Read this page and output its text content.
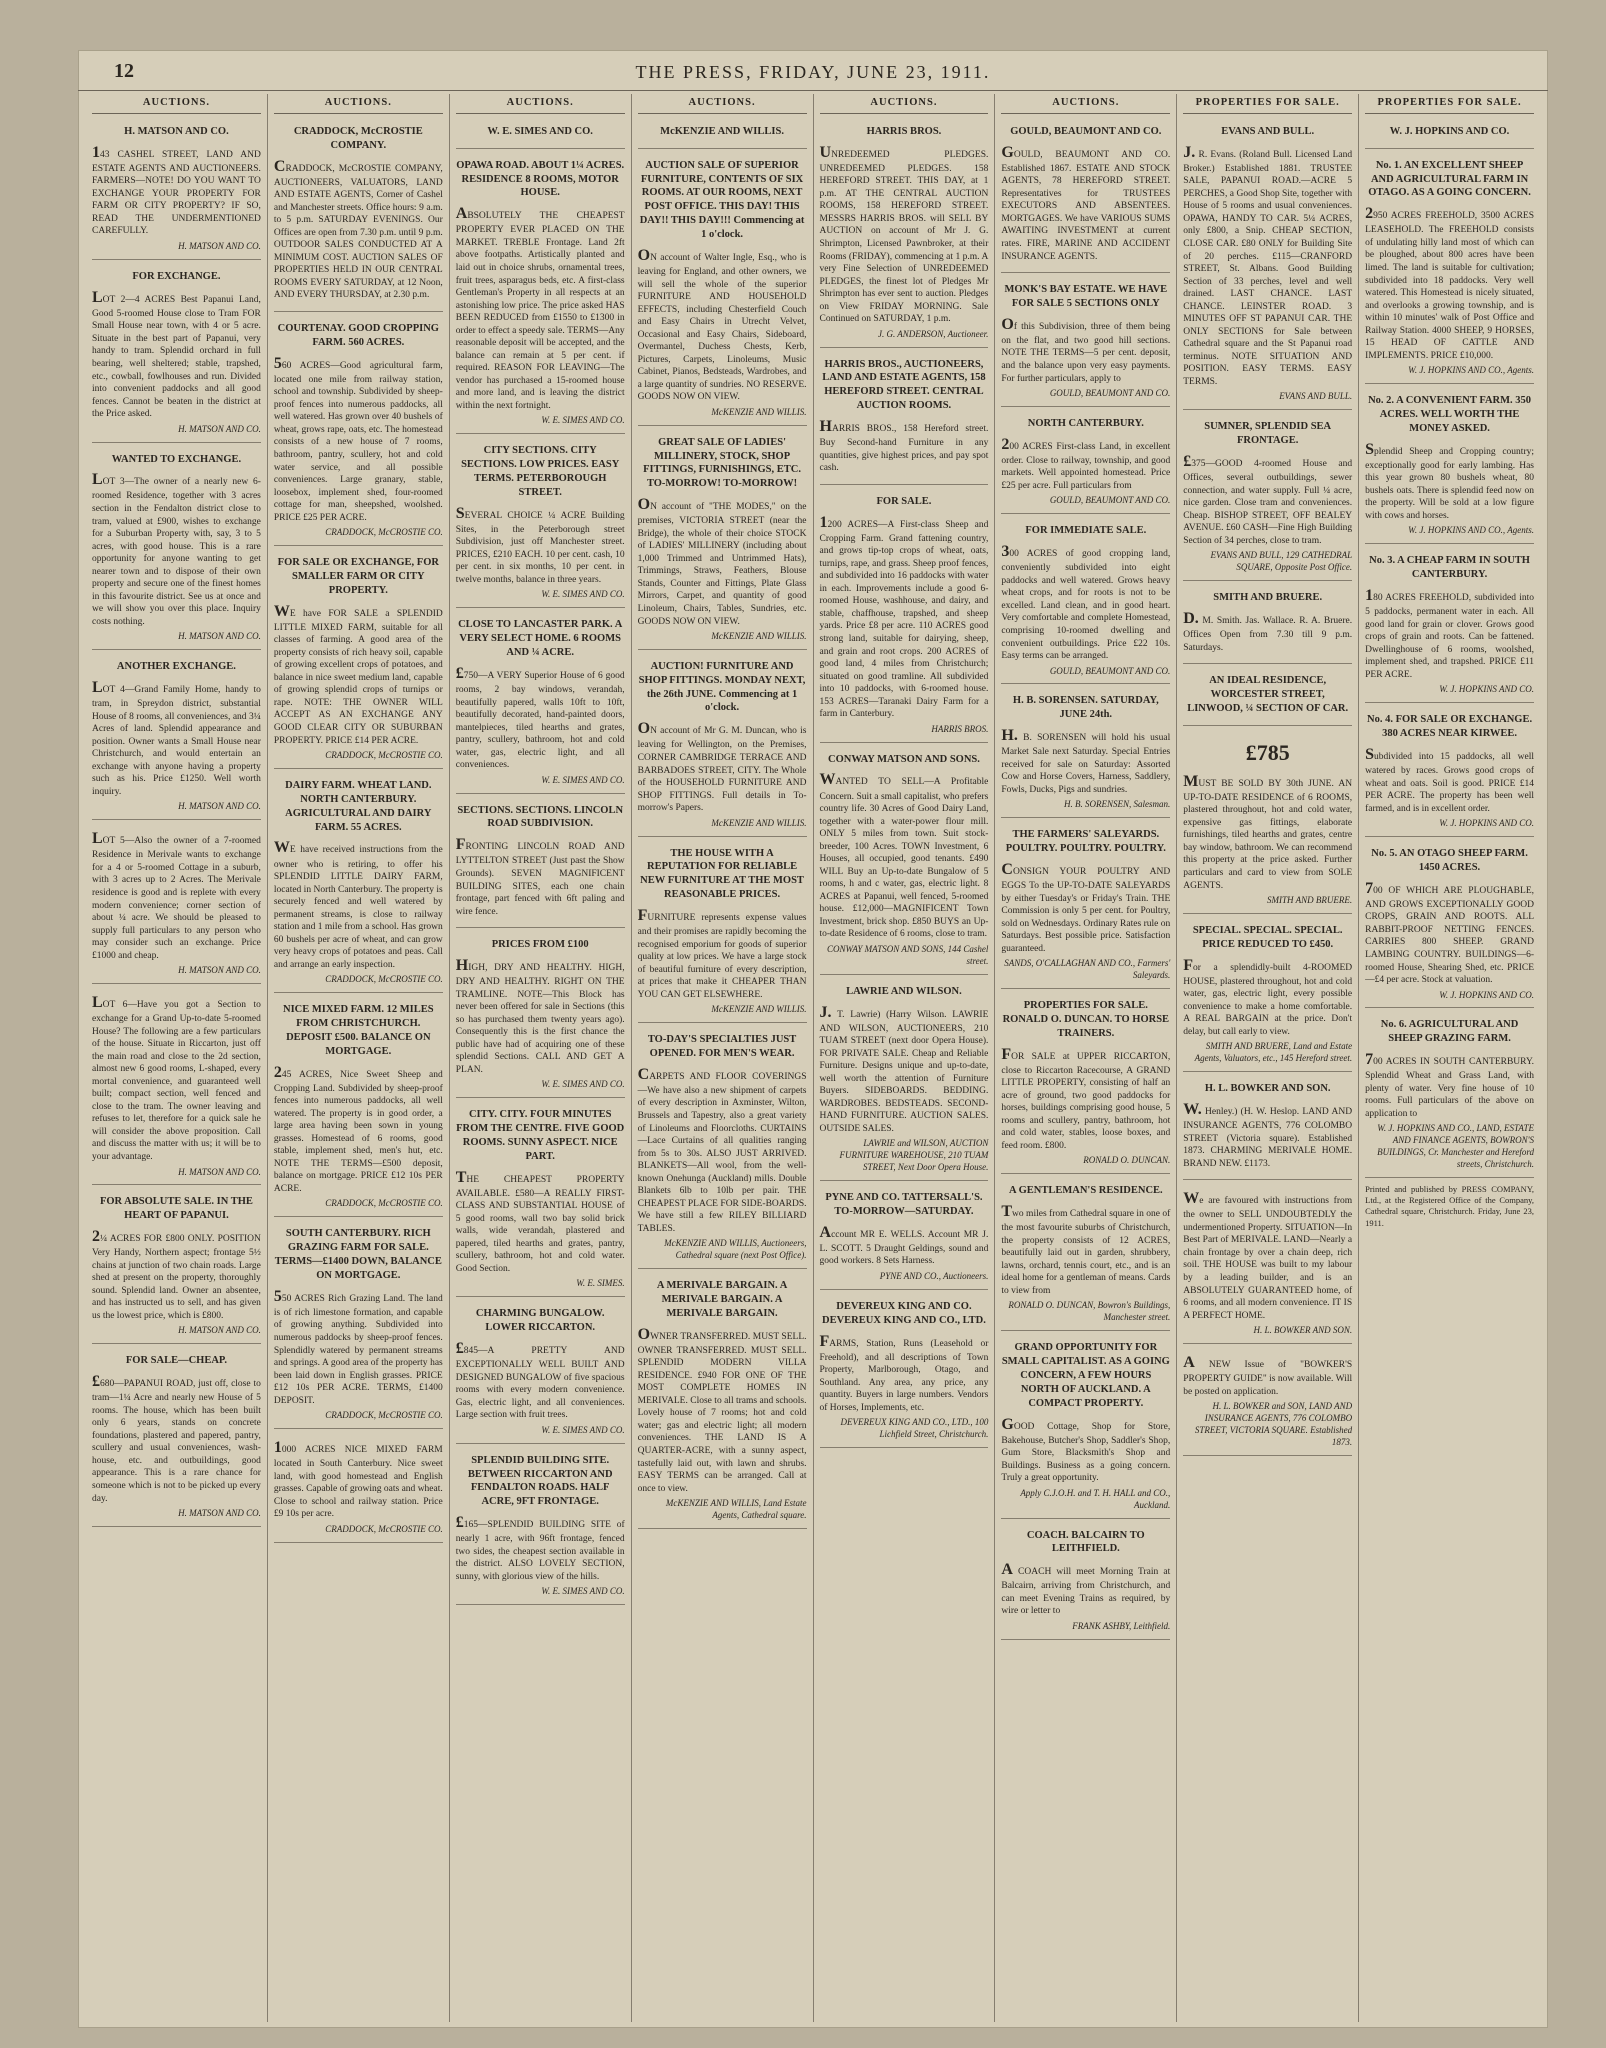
12	THE PRESS, FRIDAY, JUNE 23, 1911.
AUCTIONS.
H. MATSON AND CO.

143 CASHEL STREET, LAND AND ESTATE AGENTS AND AUCTIONEERS. FARMERS—NOTE! DO YOU WANT TO EXCHANGE YOUR PROPERTY FOR FARM OR CITY PROPERTY? IF SO, READ THE UNDERMENTIONED CAREFULLY.

H. MATSON AND CO.
FOR EXCHANGE.

LOT 2—4 ACRES Best Papanui Land, Good 5-roomed House close to Tram FOR Small House near town, with 4 or 5 acre. Situate in the best part of Papanui, very handy to tram. Splendid orchard in full bearing, well sheltered; stable, trapshed, etc., cowball, fowlhouses and run. Divided into convenient paddocks and all good fences. Cannot be beaten in the district at the Price asked.

H. MATSON AND CO.
WANTED TO EXCHANGE.

LOT 3—The owner of a nearly new 6-roomed Residence, together with 3 acres section in the Fendalton district close to tram, valued at £900, wishes to exchange for a Suburban Property with, say, 3 to 5 acres, with good house. This is a rare opportunity for anyone wanting to get nearer town and to dispose of their own property and secure one of the finest homes in this favourite district. See us at once and we will show you over this place. Inquiry costs nothing.

H. MATSON AND CO.
ANOTHER EXCHANGE.

LOT 4—Grand Family Home, handy to tram, in Spreydon district, substantial House of 8 rooms, all conveniences, and 3¼ Acres of land. Splendid appearance and position. Owner wants a Small House near Christchurch, and would entertain an exchange with anyone having a property such as his. Price £1250. Well worth inquiry.

H. MATSON AND CO.

LOT 5—Also the owner of a 7-roomed Residence in Merivale wants to exchange for a 4 or 5-roomed Cottage in a suburb, with 3 acres up to 2 Acres. The Merivale residence is good and is replete with every modern convenience; corner section of about ¼ acre. We should be pleased to supply full particulars to any person who may consider such an exchange. Price £1000 and cheap.

H. MATSON AND CO.

LOT 6—Have you got a Section to exchange for a Grand Up-to-date 5-roomed House? The following are a few particulars of the house. Situate in Riccarton, just off the main road and close to the 2d section, almost new 6 good rooms, L-shaped, every mortal convenience, and guaranteed well built; compact section, well fenced and close to the tram. The owner leaving and refuses to let, therefore for a quick sale he will consider the above proposition. Call and discuss the matter with us; it will be to your advantage.

H. MATSON AND CO.
FOR ABSOLUTE SALE. IN THE HEART OF PAPANUI.

2¼ ACRES FOR £800 ONLY. POSITION Very Handy, Northern aspect; frontage 5½ chains at junction of two chain roads. Large shed at present on the property, thoroughly sound. Splendid land. Owner an absentee, and has instructed us to sell, and has given us the lowest price, which is £800.

H. MATSON AND CO.
FOR SALE—CHEAP.

£680—PAPANUI ROAD, just off, close to tram—1¼ Acre and nearly new House of 5 rooms. The house, which has been built only 6 years, stands on concrete foundations, plastered and papered, pantry, scullery and usual conveniences, wash-house, etc. and outbuildings, good appearance. This is a rare chance for someone which is not to be picked up every day.

H. MATSON AND CO.
AUCTIONS.
CRADDOCK, McCROSTIE COMPANY.

CRADDOCK, McCROSTIE COMPANY, AUCTIONEERS, VALUATORS, LAND AND ESTATE AGENTS, Corner of Cashel and Manchester streets. Office hours: 9 a.m. to 5 p.m. SATURDAY EVENINGS. Our Offices are open from 7.30 p.m. until 9 p.m. OUTDOOR SALES CONDUCTED AT A MINIMUM COST. AUCTION SALES OF PROPERTIES HELD IN OUR CENTRAL ROOMS EVERY SATURDAY, at 12 Noon, AND EVERY THURSDAY, at 2.30 p.m.

COURTENAY. GOOD CROPPING FARM. 560 ACRES.

560 ACRES—Good agricultural farm, located one mile from railway station, school and township. Subdivided by sheep-proof fences into numerous paddocks, all well watered. Has grown over 40 bushels of wheat, grows rape, oats, etc. The homestead consists of a new house of 7 rooms, bathroom, pantry, scullery, hot and cold water service, and all possible conveniences. Large granary, stable, loosebox, implement shed, four-roomed cottage for man, sheepshed, woolshed. PRICE £25 PER ACRE.

CRADDOCK, McCROSTIE CO.
FOR SALE OR EXCHANGE, FOR SMALLER FARM OR CITY PROPERTY.

WE have FOR SALE a SPLENDID LITTLE MIXED FARM, suitable for all classes of farming. A good area of the property consists of rich heavy soil, capable of growing excellent crops of potatoes, and balance in nice sweet medium land, capable of growing splendid crops of turnips or rape. NOTE: THE OWNER WILL ACCEPT AS AN EXCHANGE ANY GOOD CLEAR CITY OR SUBURBAN PROPERTY. PRICE £14 PER ACRE.

CRADDOCK, McCROSTIE CO.
DAIRY FARM. WHEAT LAND. NORTH CANTERBURY. AGRICULTURAL AND DAIRY FARM. 55 ACRES.

WE have received instructions from the owner who is retiring, to offer his SPLENDID LITTLE DAIRY FARM, located in North Canterbury. The property is securely fenced and well watered by permanent streams, is close to railway station and 1 mile from a school. Has grown 60 bushels per acre of wheat, and can grow very heavy crops of potatoes and peas. Call and arrange an early inspection.

CRADDOCK, McCROSTIE CO.
NICE MIXED FARM. 12 MILES FROM CHRISTCHURCH. DEPOSIT £500. BALANCE ON MORTGAGE.

245 ACRES, Nice Sweet Sheep and Cropping Land. Subdivided by sheep-proof fences into numerous paddocks, all well watered. The property is in good order, a large area having been sown in young grasses. Homestead of 6 rooms, good stable, implement shed, men's hut, etc. NOTE THE TERMS—£500 deposit, balance on mortgage. PRICE £12 10s PER ACRE.

CRADDOCK, McCROSTIE CO.
SOUTH CANTERBURY. RICH GRAZING FARM FOR SALE. TERMS—£1400 DOWN, BALANCE ON MORTGAGE.

550 ACRES Rich Grazing Land. The land is of rich limestone formation, and capable of growing anything. Subdivided into numerous paddocks by sheep-proof fences. Splendidly watered by permanent streams and springs. A good area of the property has been laid down in English grasses. PRICE £12 10s PER ACRE. TERMS, £1400 DEPOSIT.

CRADDOCK, McCROSTIE CO.

1000 ACRES NICE MIXED FARM located in South Canterbury. Nice sweet land, with good homestead and English grasses. Capable of growing oats and wheat. Close to school and railway station. Price £9 10s per acre.

CRADDOCK, McCROSTIE CO.
AUCTIONS.
W. E. SIMES AND CO.
OPAWA ROAD. ABOUT 1¼ ACRES. RESIDENCE 8 ROOMS, MOTOR HOUSE.

ABSOLUTELY THE CHEAPEST PROPERTY EVER PLACED ON THE MARKET. TREBLE Frontage. Land 2ft above footpaths. Artistically planted and laid out in choice shrubs, ornamental trees, fruit trees, asparagus beds, etc. A first-class Gentleman's Property in all respects at an astonishing low price. The price asked HAS BEEN REDUCED from £1550 to £1300 in order to effect a speedy sale. TERMS—Any reasonable deposit will be accepted, and the balance can remain at 5 per cent. if required. REASON FOR LEAVING—The vendor has purchased a 15-roomed house and more land, and is leaving the district within the next fortnight.

W. E. SIMES AND CO.
CITY SECTIONS. CITY SECTIONS. LOW PRICES. EASY TERMS. PETERBOROUGH STREET.

SEVERAL CHOICE ¼ ACRE Building Sites, in the Peterborough street Subdivision, just off Manchester street. PRICES, £210 EACH. 10 per cent. cash, 10 per cent. in six months, 10 per cent. in twelve months, balance in three years.

W. E. SIMES AND CO.
CLOSE TO LANCASTER PARK. A VERY SELECT HOME. 6 ROOMS AND ¼ ACRE.

£750—A VERY Superior House of 6 good rooms, 2 bay windows, verandah, beautifully papered, walls 10ft to 10ft, beautifully decorated, hand-painted doors, mantelpieces, tiled hearths and grates, pantry, scullery, bathroom, hot and cold water, gas, electric light, and all conveniences.

W. E. SIMES AND CO.
SECTIONS. SECTIONS. LINCOLN ROAD SUBDIVISION.

FRONTING LINCOLN ROAD AND LYTTELTON STREET (Just past the Show Grounds). SEVEN MAGNIFICENT BUILDING SITES, each one chain frontage, part fenced with 6ft paling and wire fence.

PRICES FROM £100

HIGH, DRY AND HEALTHY. HIGH, DRY AND HEALTHY. RIGHT ON THE TRAMLINE. NOTE—This Block has never been offered for sale in Sections (this so has purchased them twenty years ago). Consequently this is the first chance the public have had of acquiring one of these splendid Sections. CALL AND GET A PLAN.

W. E. SIMES AND CO.
CITY. CITY. FOUR MINUTES FROM THE CENTRE. FIVE GOOD ROOMS. SUNNY ASPECT. NICE PART.

THE CHEAPEST PROPERTY AVAILABLE. £580—A REALLY FIRST-CLASS AND SUBSTANTIAL HOUSE of 5 good rooms, wall two bay solid brick walls, wide verandah, plastered and papered, tiled hearths and grates, pantry, scullery, bathroom, hot and cold water. Good Section.

W. E. SIMES.
CHARMING BUNGALOW. LOWER RICCARTON.

£845—A PRETTY AND EXCEPTIONALLY WELL BUILT AND DESIGNED BUNGALOW of five spacious rooms with every modern convenience. Gas, electric light, and all conveniences. Large section with fruit trees.

W. E. SIMES AND CO.
SPLENDID BUILDING SITE. BETWEEN RICCARTON AND FENDALTON ROADS. HALF ACRE, 9FT FRONTAGE.

£165—SPLENDID BUILDING SITE of nearly 1 acre, with 96ft frontage, fenced two sides, the cheapest section available in the district. ALSO LOVELY SECTION, sunny, with glorious view of the hills.

W. E. SIMES AND CO.
AUCTIONS.
McKENZIE AND WILLIS.
AUCTION SALE OF SUPERIOR FURNITURE, CONTENTS OF SIX ROOMS. AT OUR ROOMS, NEXT POST OFFICE. THIS DAY! THIS DAY!! THIS DAY!!! Commencing at 1 o'clock.

ON account of Walter Ingle, Esq., who is leaving for England, and other owners, we will sell the whole of the superior FURNITURE AND HOUSEHOLD EFFECTS, including Chesterfield Couch and Easy Chairs in Utrecht Velvet, Occasional and Easy Chairs, Sideboard, Overmantel, Duchess Chests, Kerb, Pictures, Carpets, Linoleums, Music Cabinet, Pianos, Bedsteads, Wardrobes, and a large quantity of sundries. NO RESERVE. GOODS NOW ON VIEW.

McKENZIE AND WILLIS.
GREAT SALE OF LADIES' MILLINERY, STOCK, SHOP FITTINGS, FURNISHINGS, ETC. TO-MORROW! TO-MORROW!

ON account of "THE MODES," on the premises, VICTORIA STREET (near the Bridge), the whole of their choice STOCK of LADIES' MILLINERY (including about 1,000 Trimmed and Untrimmed Hats), Trimmings, Straws, Feathers, Blouse Stands, Counter and Fittings, Plate Glass Mirrors, Carpet, and quantity of good Linoleum, Chairs, Tables, Sundries, etc. GOODS NOW ON VIEW.

McKENZIE AND WILLIS.
AUCTION! FURNITURE AND SHOP FITTINGS. MONDAY NEXT, the 26th JUNE. Commencing at 1 o'clock.

ON account of Mr G. M. Duncan, who is leaving for Wellington, on the Premises, CORNER CAMBRIDGE TERRACE AND BARBADOES STREET, CITY. The Whole of the HOUSEHOLD FURNITURE AND SHOP FITTINGS. Full details in To-morrow's Papers.

McKENZIE AND WILLIS.
THE HOUSE WITH A REPUTATION FOR RELIABLE NEW FURNITURE AT THE MOST REASONABLE PRICES.

FURNITURE represents expense values and their promises are rapidly becoming the recognised emporium for goods of superior quality at low prices. We have a large stock of beautiful furniture of every description, at prices that make it CHEAPER THAN YOU CAN GET ELSEWHERE.

McKENZIE AND WILLIS.
TO-DAY'S SPECIALTIES JUST OPENED. FOR MEN'S WEAR.

CARPETS AND FLOOR COVERINGS—We have also a new shipment of carpets of every description in Axminster, Wilton, Brussels and Tapestry, also a great variety of Linoleums and Floorcloths. CURTAINS—Lace Curtains of all qualities ranging from 5s to 30s. ALSO JUST ARRIVED. BLANKETS—All wool, from the well-known Onehunga (Auckland) mills. Double Blankets 6lb to 10lb per pair. THE CHEAPEST PLACE FOR SIDE-BOARDS. We have still a few RILEY BILLIARD TABLES.

McKENZIE AND WILLIS, Auctioneers, Cathedral square (next Post Office).
A MERIVALE BARGAIN. A MERIVALE BARGAIN. A MERIVALE BARGAIN.

OWNER TRANSFERRED. MUST SELL. OWNER TRANSFERRED. MUST SELL. SPLENDID MODERN VILLA RESIDENCE. £940 FOR ONE OF THE MOST COMPLETE HOMES IN MERIVALE. Close to all trams and schools. Lovely house of 7 rooms; hot and cold water; gas and electric light; all modern conveniences. THE LAND IS A QUARTER-ACRE, with a sunny aspect, tastefully laid out, with lawn and shrubs. EASY TERMS can be arranged. Call at once to view.

McKENZIE AND WILLIS, Land Estate Agents, Cathedral square.
AUCTIONS.
HARRIS BROS.

UNREDEEMED PLEDGES. UNREDEEMED PLEDGES. 158 HEREFORD STREET. THIS DAY, at 1 p.m. AT THE CENTRAL AUCTION ROOMS, 158 HEREFORD STREET. MESSRS HARRIS BROS. will SELL BY AUCTION on account of Mr J. G. Shrimpton, Licensed Pawnbroker, at their Rooms (FRIDAY), commencing at 1 p.m. A very Fine Selection of UNREDEEMED PLEDGES, the finest lot of Pledges Mr Shrimpton has ever sent to auction. Pledges on View FRIDAY MORNING. Sale Continued on SATURDAY, 1 p.m.

J. G. ANDERSON, Auctioneer.
HARRIS BROS., AUCTIONEERS, LAND AND ESTATE AGENTS, 158 HEREFORD STREET. CENTRAL AUCTION ROOMS.

HARRIS BROS., 158 Hereford street. Buy Second-hand Furniture in any quantities, give highest prices, and pay spot cash.

FOR SALE.

1200 ACRES—A First-class Sheep and Cropping Farm. Grand fattening country, and grows tip-top crops of wheat, oats, turnips, rape, and grass. Sheep proof fences, and subdivided into 16 paddocks with water in each. Improvements include a good 6-roomed House, washhouse, and dairy, and stable, chaffhouse, trapshed, and sheep yards. Price £8 per acre. 110 ACRES good strong land, suitable for dairying, sheep, and grain and root crops. 200 ACRES of good land, 4 miles from Christchurch; situated on good tramline. All subdivided into 10 paddocks, with 6-roomed house. 153 ACRES—Taranaki Dairy Farm for a farm in Canterbury.

HARRIS BROS.
CONWAY MATSON AND SONS.

WANTED TO SELL—A Profitable Concern. Suit a small capitalist, who prefers country life. 30 Acres of Good Dairy Land, together with a water-power flour mill. ONLY 5 miles from town. Suit stock-breeder, 100 Acres. TOWN Investment, 6 Houses, all occupied, good tenants. £490 WILL Buy an Up-to-date Bungalow of 5 rooms, h and c water, gas, electric light. 8 ACRES at Papanui, well fenced, 5-roomed house. £12,000—MAGNIFICENT Town Investment, brick shop. £850 BUYS an Up-to-date Residence of 6 rooms, close to tram.

CONWAY MATSON AND SONS, 144 Cashel street.
LAWRIE AND WILSON.

J. T. Lawrie) (Harry Wilson. LAWRIE AND WILSON, AUCTIONEERS, 210 TUAM STREET (next door Opera House). FOR PRIVATE SALE. Cheap and Reliable Furniture. Designs unique and up-to-date, well worth the attention of Furniture Buyers. SIDEBOARDS. BEDDING. WARDROBES. BEDSTEADS. SECOND-HAND FURNITURE. AUCTION SALES. OUTSIDE SALES.

LAWRIE and WILSON, AUCTION FURNITURE WAREHOUSE, 210 TUAM STREET, Next Door Opera House.
PYNE AND CO. TATTERSALL'S. TO-MORROW—SATURDAY.

Account MR E. WELLS. Account MR J. L. SCOTT. 5 Draught Geldings, sound and good workers. 8 Sets Harness.

PYNE AND CO., Auctioneers.
DEVEREUX KING AND CO. DEVEREUX KING AND CO., LTD.

FARMS, Station, Runs (Leasehold or Freehold), and all descriptions of Town Property, Marlborough, Otago, and Southland. Any area, any price, any quantity. Buyers in large numbers. Vendors of Horses, Implements, etc.

DEVEREUX KING AND CO., LTD., 100 Lichfield Street, Christchurch.
AUCTIONS.
GOULD, BEAUMONT AND CO.

GOULD, BEAUMONT AND CO. Established 1867. ESTATE AND STOCK AGENTS, 78 HEREFORD STREET. Representatives for TRUSTEES EXECUTORS AND ABSENTEES. MORTGAGES. We have VARIOUS SUMS AWAITING INVESTMENT at current rates. FIRE, MARINE AND ACCIDENT INSURANCE AGENTS.

MONK'S BAY ESTATE. WE HAVE FOR SALE 5 SECTIONS ONLY

Of this Subdivision, three of them being on the flat, and two good hill sections. NOTE THE TERMS—5 per cent. deposit, and the balance upon very easy payments. For further particulars, apply to

GOULD, BEAUMONT AND CO.
NORTH CANTERBURY.

200 ACRES First-class Land, in excellent order. Close to railway, township, and good markets. Well appointed homestead. Price £25 per acre. Full particulars from

GOULD, BEAUMONT AND CO.
FOR IMMEDIATE SALE.

300 ACRES of good cropping land, conveniently subdivided into eight paddocks and well watered. Grows heavy wheat crops, and for roots is not to be excelled. Land clean, and in good heart. Very comfortable and complete Homestead, comprising 10-roomed dwelling and convenient outbuildings. Price £22 10s. Easy terms can be arranged.

GOULD, BEAUMONT AND CO.
H. B. SORENSEN. SATURDAY, JUNE 24th.

H. B. SORENSEN will hold his usual Market Sale next Saturday. Special Entries received for sale on Saturday: Assorted Cow and Horse Covers, Harness, Saddlery, Fowls, Ducks, Pigs and sundries.

H. B. SORENSEN, Salesman.
THE FARMERS' SALEYARDS. POULTRY. POULTRY. POULTRY.

CONSIGN YOUR POULTRY AND EGGS To the UP-TO-DATE SALEYARDS by either Tuesday's or Friday's Train. THE Commission is only 5 per cent. for Poultry, sold on Wednesdays. Ordinary Rates rule on Saturdays. Best possible price. Satisfaction guaranteed.

SANDS, O'CALLAGHAN AND CO., Farmers' Saleyards.
PROPERTIES FOR SALE. RONALD O. DUNCAN. TO HORSE TRAINERS.

FOR SALE at UPPER RICCARTON, close to Riccarton Racecourse, A GRAND LITTLE PROPERTY, consisting of half an acre of ground, two good paddocks for horses, buildings comprising good house, 5 rooms and scullery, pantry, bathroom, hot and cold water, stables, loose boxes, and feed room. £800.

RONALD O. DUNCAN.
A GENTLEMAN'S RESIDENCE.

Two miles from Cathedral square in one of the most favourite suburbs of Christchurch, the property consists of 12 ACRES, beautifully laid out in garden, shrubbery, lawns, orchard, tennis court, etc., and is an ideal home for a gentleman of means. Cards to view from

RONALD O. DUNCAN, Bowron's Buildings, Manchester street.
GRAND OPPORTUNITY FOR SMALL CAPITALIST. AS A GOING CONCERN, A FEW HOURS NORTH OF AUCKLAND. A COMPACT PROPERTY.

GOOD Cottage, Shop for Store, Bakehouse, Butcher's Shop, Saddler's Shop, Gum Store, Blacksmith's Shop and Buildings. Business as a going concern. Truly a great opportunity.

Apply C.J.O.H. and T. H. HALL and CO., Auckland.
COACH. BALCAIRN TO LEITHFIELD.

A COACH will meet Morning Train at Balcairn, arriving from Christchurch, and can meet Evening Trains as required, by wire or letter to

FRANK ASHBY, Leithfield.
PROPERTIES FOR SALE.
EVANS AND BULL.

J. R. Evans. (Roland Bull. Licensed Land Broker.) Established 1881. TRUSTEE SALE, PAPANUI ROAD.—ACRE 5 PERCHES, a Good Shop Site, together with House of 5 rooms and usual conveniences. OPAWA, HANDY TO CAR. 5¼ ACRES, only £800, a Snip. CHEAP SECTION, CLOSE CAR. £80 ONLY for Building Site of 20 perches. £115—CRANFORD STREET, St. Albans. Good Building Section of 33 perches, level and well drained. LAST CHANCE. LAST CHANCE. LEINSTER ROAD. 3 MINUTES OFF ST PAPANUI CAR. THE ONLY SECTIONS for Sale between Cathedral square and the St Papanui road terminus. NOTE SITUATION AND POSITION. EASY TERMS. EASY TERMS.

EVANS AND BULL.
SUMNER, SPLENDID SEA FRONTAGE.

£375—GOOD 4-roomed House and Offices, several outbuildings, sewer connection, and water supply. Full ¼ acre, nice garden. Close tram and conveniences. Cheap. BISHOP STREET, OFF BEALEY AVENUE. £60 CASH—Fine High Building Section of 34 perches, close to tram.

EVANS AND BULL, 129 CATHEDRAL SQUARE, Opposite Post Office.
SMITH AND BRUERE.

D. M. Smith. Jas. Wallace. R. A. Bruere. Offices Open from 7.30 till 9 p.m. Saturdays.

AN IDEAL RESIDENCE, WORCESTER STREET, LINWOOD, ¼ SECTION OF CAR.
£785

MUST BE SOLD BY 30th JUNE. AN UP-TO-DATE RESIDENCE of 6 ROOMS, plastered throughout, hot and cold water, expensive gas fittings, elaborate furnishings, tiled hearths and grates, centre bay window, bathroom. We can recommend this property at the price asked. Further particulars and card to view from SOLE AGENTS.

SMITH AND BRUERE.
SPECIAL. SPECIAL. SPECIAL. PRICE REDUCED TO £450.

For a splendidly-built 4-ROOMED HOUSE, plastered throughout, hot and cold water, gas, electric light, every possible convenience to make a home comfortable. A REAL BARGAIN at the price. Don't delay, but call early to view.

SMITH AND BRUERE, Land and Estate Agents, Valuators, etc., 145 Hereford street.
H. L. BOWKER AND SON.

W. Henley.) (H. W. Heslop. LAND AND INSURANCE AGENTS, 776 COLOMBO STREET (Victoria square). Established 1873. CHARMING MERIVALE HOME. BRAND NEW. £1173.

We are favoured with instructions from the owner to SELL UNDOUBTEDLY the undermentioned Property. SITUATION—In Best Part of MERIVALE. LAND—Nearly a chain frontage by over a chain deep, rich soil. THE HOUSE was built to my labour by a leading builder, and is an ABSOLUTELY GUARANTEED home, of 6 rooms, and all modern convenience. IT IS A PERFECT HOME.

H. L. BOWKER AND SON.

A NEW Issue of "BOWKER'S PROPERTY GUIDE" is now available. Will be posted on application.

H. L. BOWKER and SON, LAND AND INSURANCE AGENTS, 776 COLOMBO STREET, VICTORIA SQUARE. Established 1873.
PROPERTIES FOR SALE.
W. J. HOPKINS AND CO.
No. 1. AN EXCELLENT SHEEP AND AGRICULTURAL FARM IN OTAGO. AS A GOING CONCERN.

2950 ACRES FREEHOLD, 3500 ACRES LEASEHOLD. The FREEHOLD consists of undulating hilly land most of which can be ploughed, about 800 acres have been limed. The land is suitable for cultivation; subdivided into 18 paddocks. Very well watered. This Homestead is nicely situated, and overlooks a growing township, and is within 10 minutes' walk of Post Office and Railway Station. 4000 SHEEP, 9 HORSES, 15 HEAD OF CATTLE AND IMPLEMENTS. PRICE £10,000.

W. J. HOPKINS AND CO., Agents.
No. 2. A CONVENIENT FARM. 350 ACRES. WELL WORTH THE MONEY ASKED.

Splendid Sheep and Cropping country; exceptionally good for early lambing. Has this year grown 80 bushels wheat, 80 bushels oats. There is splendid feed now on the property. Will be sold at a low figure with cows and horses.

W. J. HOPKINS AND CO., Agents.
No. 3. A CHEAP FARM IN SOUTH CANTERBURY.

180 ACRES FREEHOLD, subdivided into 5 paddocks, permanent water in each. All good land for grain or clover. Grows good crops of grain and roots. Can be fattened. Dwellinghouse of 6 rooms, woolshed, implement shed, and trapshed. PRICE £11 PER ACRE.

W. J. HOPKINS AND CO.
No. 4. FOR SALE OR EXCHANGE. 380 ACRES NEAR KIRWEE.

Subdivided into 15 paddocks, all well watered by races. Grows good crops of wheat and oats. Soil is good. PRICE £14 PER ACRE. The property has been well farmed, and is in excellent order.

W. J. HOPKINS AND CO.
No. 5. AN OTAGO SHEEP FARM. 1450 ACRES.

700 OF WHICH ARE PLOUGHABLE, AND GROWS EXCEPTIONALLY GOOD CROPS, GRAIN AND ROOTS. ALL RABBIT-PROOF NETTING FENCES. CARRIES 800 SHEEP. GRAND LAMBING COUNTRY. BUILDINGS—6-roomed House, Shearing Shed, etc. PRICE—£4 per acre. Stock at valuation.

W. J. HOPKINS AND CO.
No. 6. AGRICULTURAL AND SHEEP GRAZING FARM.

700 ACRES IN SOUTH CANTERBURY. Splendid Wheat and Grass Land, with plenty of water. Very fine house of 10 rooms. Full particulars of the above on application to

W. J. HOPKINS AND CO., LAND, ESTATE AND FINANCE AGENTS, BOWRON'S BUILDINGS, Cr. Manchester and Hereford streets, Christchurch.
Printed and published by PRESS COMPANY, Ltd., at the Registered Office of the Company, Cathedral square, Christchurch. Friday, June 23, 1911.
